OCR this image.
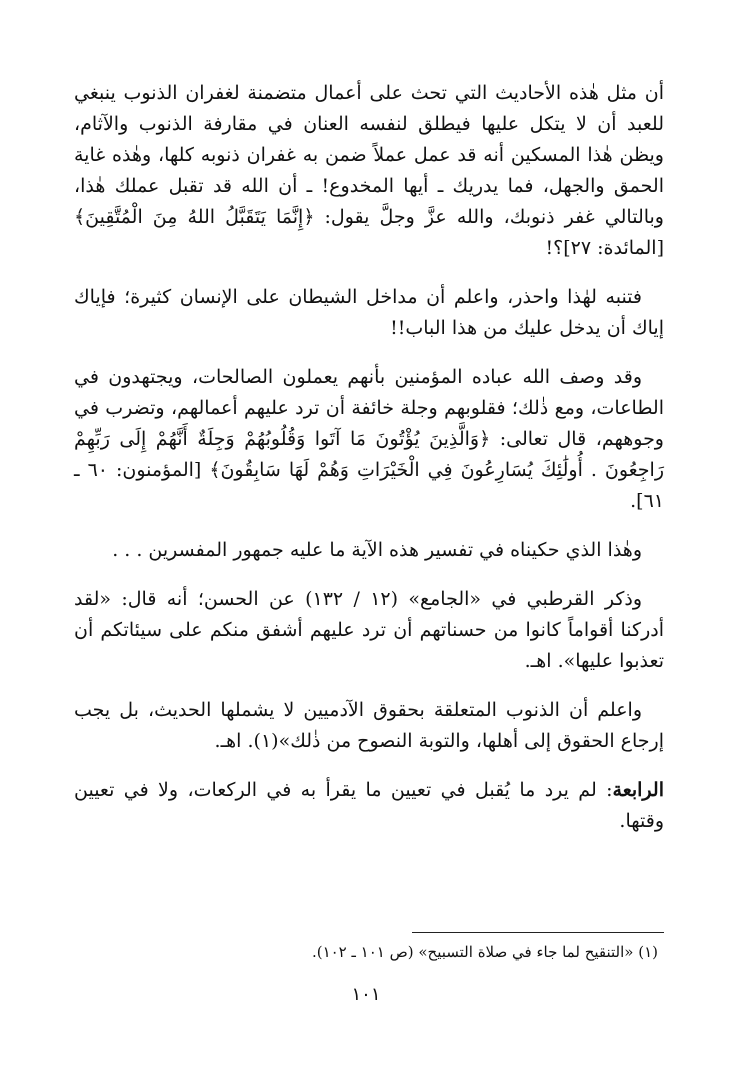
أن مثل هٰذه الأحاديث التي تحث على أعمال متضمنة لغفران الذنوب ينبغي للعبد أن لا يتكل عليها فيطلق لنفسه العنان في مقارفة الذنوب والآثام، ويظن هٰذا المسكين أنه قد عمل عملاً ضمن به غفران ذنوبه كلها، وهٰذه غاية الحمق والجهل، فما يدريك ـ أيها المخدوع! ـ أن الله قد تقبل عملك هٰذا، وبالتالي غفر ذنوبك، والله عزَّ وجلَّ يقول: ﴿إِنَّمَا يَتَقَبَّلُ اللهُ مِنَ الْمُتَّقِينَ﴾ [المائدة: ٢٧]؟!

فتنبه لهٰذا واحذر، واعلم أن مداخل الشيطان على الإنسان كثيرة؛ فإياك إياك أن يدخل عليك من هذا الباب!!

وقد وصف الله عباده المؤمنين بأنهم يعملون الصالحات، ويجتهدون في الطاعات، ومع ذٰلك؛ فقلوبهم وجلة خائفة أن ترد عليهم أعمالهم، وتضرب في وجوههم، قال تعالى: ﴿وَالَّذِينَ يُؤْتُونَ مَا آتَوا وَقُلُوبُهُمْ وَجِلَةٌ أَنَّهُمْ إِلَى رَبِّهِمْ رَاجِعُونَ . أُولَٰئِكَ يُسَارِعُونَ فِي الْخَيْرَاتِ وَهُمْ لَهَا سَابِقُونَ﴾ [المؤمنون: ٦٠ ـ ٦١].

وهٰذا الذي حكيناه في تفسير هذه الآية ما عليه جمهور المفسرين . . .

وذكر القرطبي في «الجامع» (١٢ / ١٣٢) عن الحسن؛ أنه قال: «لقد أدركنا أقواماً كانوا من حسناتهم أن ترد عليهم أشفق منكم على سيئاتكم أن تعذبوا عليها». اهـ.

واعلم أن الذنوب المتعلقة بحقوق الآدميين لا يشملها الحديث، بل يجب إرجاع الحقوق إلى أهلها، والتوبة النصوح من ذٰلك»(١). اهـ.

الرابعة: لم يرد ما يُقبل في تعيين ما يقرأ به في الركعات، ولا في تعيين وقتها.

(١) «التنقيح لما جاء في صلاة التسبيح» (ص ١٠١ ـ ١٠٢).
١٠١
